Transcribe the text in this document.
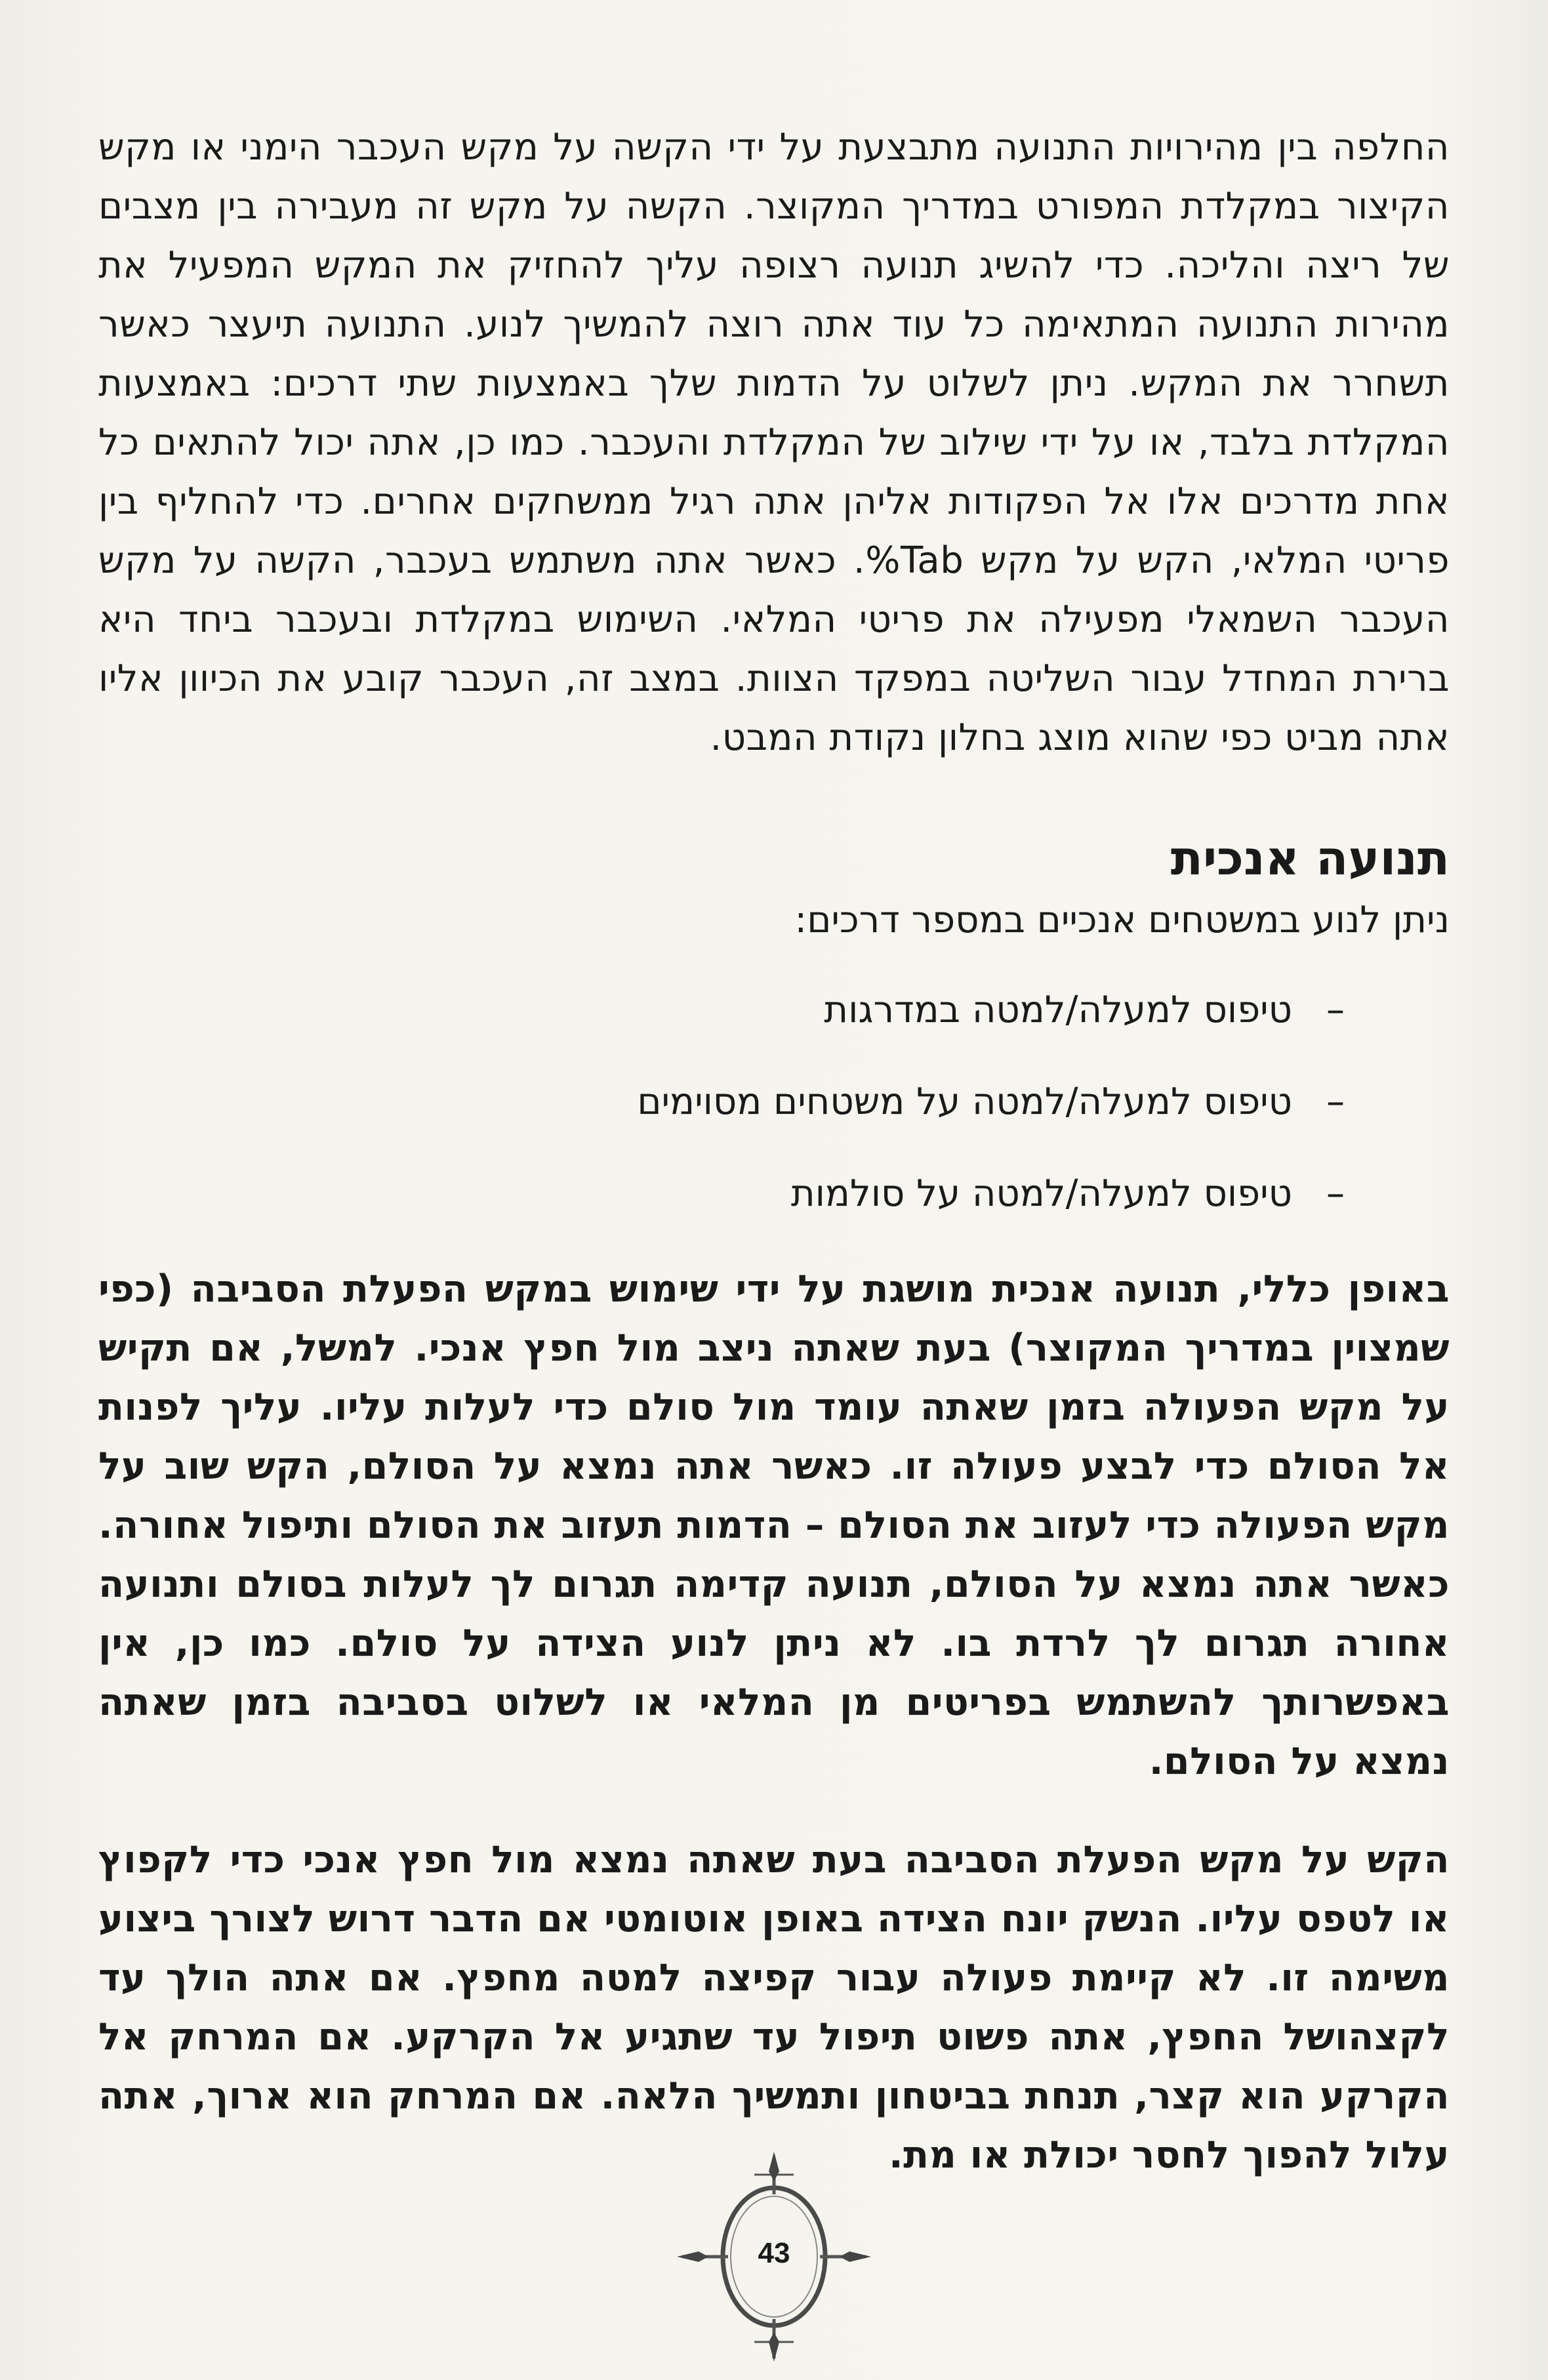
החלפה בין מהירויות התנועה מתבצעת על ידי הקשה על מקש העכבר הימני או מקש הקיצור במקלדת המפורט במדריך המקוצר. הקשה על מקש זה מעבירה בין מצבים של ריצה והליכה. כדי להשיג תנועה רצופה עליך להחזיק את המקש המפעיל את מהירות התנועה המתאימה כל עוד אתה רוצה להמשיך לנוע. התנועה תיעצר כאשר תשחרר את המקש. ניתן לשלוט על הדמות שלך באמצעות שתי דרכים: באמצעות המקלדת בלבד, או על ידי שילוב של המקלדת והעכבר. כמו כן, אתה יכול להתאים כל אחת מדרכים אלו אל הפקודות אליהן אתה רגיל ממשחקים אחרים. כדי להחליף בין פריטי המלאי, הקש על מקש Tab%. כאשר אתה משתמש בעכבר, הקשה על מקש העכבר השמאלי מפעילה את פריטי המלאי. השימוש במקלדת ובעכבר ביחד היא ברירת המחדל עבור השליטה במפקד הצוות. במצב זה, העכבר קובע את הכיוון אליו אתה מביט כפי שהוא מוצג בחלון נקודת המבט.

תנועה אנכית

ניתן לנוע במשטחים אנכיים במספר דרכים:

–טיפוס למעלה/למטה במדרגות
–טיפוס למעלה/למטה על משטחים מסוימים
–טיפוס למעלה/למטה על סולמות

באופן כללי, תנועה אנכית מושגת על ידי שימוש במקש הפעלת הסביבה (כפי שמצוין במדריך המקוצר) בעת שאתה ניצב מול חפץ אנכי. למשל, אם תקיש על מקש הפעולה בזמן שאתה עומד מול סולם כדי לעלות עליו. עליך לפנות אל הסולם כדי לבצע פעולה זו. כאשר אתה נמצא על הסולם, הקש שוב על מקש הפעולה כדי לעזוב את הסולם – הדמות תעזוב את הסולם ותיפול אחורה. כאשר אתה נמצא על הסולם, תנועה קדימה תגרום לך לעלות בסולם ותנועה אחורה תגרום לך לרדת בו. לא ניתן לנוע הצידה על סולם. כמו כן, אין באפשרותך להשתמש בפריטים מן המלאי או לשלוט בסביבה בזמן שאתה נמצא על הסולם.

הקש על מקש הפעלת הסביבה בעת שאתה נמצא מול חפץ אנכי כדי לקפוץ או לטפס עליו. הנשק יונח הצידה באופן אוטומטי אם הדבר דרוש לצורך ביצוע משימה זו. לא קיימת פעולה עבור קפיצה למטה מחפץ. אם אתה הולך עד לקצהושל החפץ, אתה פשוט תיפול עד שתגיע אל הקרקע. אם המרחק אל הקרקע הוא קצר, תנחת בביטחון ותמשיך הלאה. אם המרחק הוא ארוך, אתה עלול להפוך לחסר יכולת או מת.

43
